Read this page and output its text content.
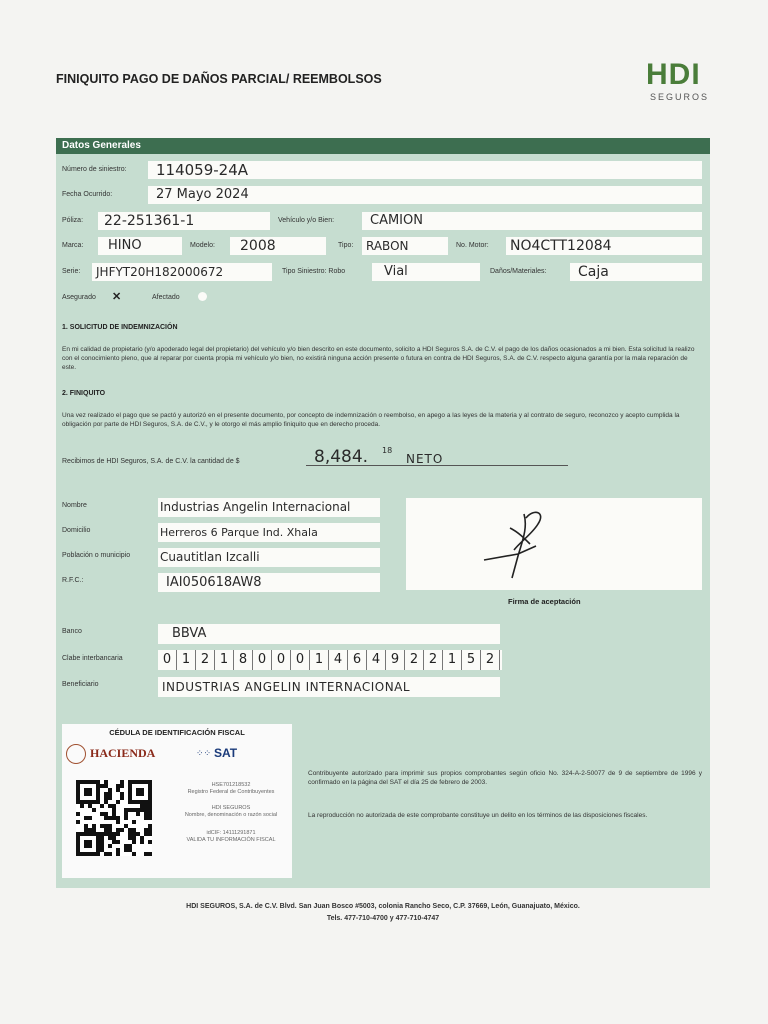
FINIQUITO PAGO DE DAÑOS PARCIAL/ REEMBOLSOS	HDI
SEGUROS
Datos Generales
Número de siniestro:	114059-24A
Fecha Ocurrido:	27 Mayo 2024
Póliza:	22-251361-1	Vehículo y/o Bien:	CAMION
Marca:	HINO	Modelo:	2008	Tipo:	RABON	No. Motor: NO4CTT12084
Serie:	JHFYT20H182000672	Tipo Siniestro: Robo	Vial	Daños/Materiales:	Caja
Asegurado ✕	Afectado
1. SOLICITUD DE INDEMNIZACIÓN
En mi calidad de propietario (y/o apoderado legal del propietario) del vehículo y/o bien descrito en este documento, solicito a HDI Seguros S.A. de C.V. el pago de los daños ocasionados a mi bien. Esta solicitud la realizo con el conocimiento pleno, que al reparar por cuenta propia mi vehículo y/o bien, no existirá ninguna acción presente o futura en contra de HDI Seguros, S.A. de C.V. respecto alguna garantía por la mala reparación de este.
2. FINIQUITO
Una vez realizado el pago que se pactó y autorizó en el presente documento, por concepto de indemnización o reembolso, en apego a las leyes de la materia y al contrato de seguro, reconozco y acepto cumplida la obligación por parte de HDI Seguros, S.A. de C.V., y le otorgo el más amplio finiquito que en derecho proceda.
Recibimos de HDI Seguros, S.A. de C.V. la cantidad de $	8,484. 18
NETO
Nombre	Industrias Angelin Internacional
Domicilio	Herreros 6 Parque Ind. Xhala
Población o municipio Cuautitlan Izcalli
R.F.C.:	IAI050618AW8
Firma de aceptación
Banco	BBVA
Clabe interbancaria	0 1 2 1 8 0 0 0 1 4 6 4 9 2 2 1 5 2
Beneficiario	INDUSTRIAS ANGELIN INTERNACIONAL
CÉDULA DE IDENTIFICACIÓN FISCAL
HACIENDA	⁘⁘ SAT
HSE701218532
Registro Federal de Contribuyentes
HDI SEGUROS
Nombre, denominación o razón social
idCIF: 14111291871
VALIDA TU INFORMACIÓN FISCAL
Contribuyente autorizado para imprimir sus propios comprobantes según oficio No. 324-A-2-50077 de 9 de septiembre de 1996 y confirmado en la página del SAT el día 25 de febrero de 2003.
La reproducción no autorizada de este comprobante constituye un delito en los términos de las disposiciones fiscales.
HDI SEGUROS, S.A. de C.V. Blvd. San Juan Bosco #5003, colonia Rancho Seco, C.P. 37669, León, Guanajuato, México.
Tels. 477-710-4700 y 477-710-4747
